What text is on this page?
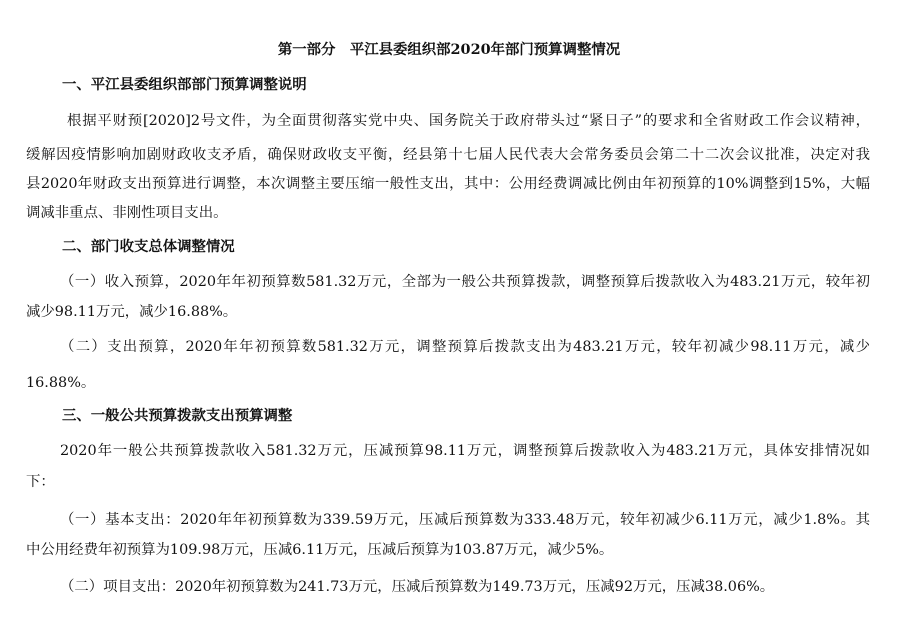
第一部分　平江县委组织部2020年部门预算调整情况
一、平江县委组织部部门预算调整说明
根据平财预[2020]2号文件，为全面贯彻落实党中央、国务院关于政府带头过“紧日子”的要求和全省财政工作会议精神，
缓解因疫情影响加剧财政收支矛盾，确保财政收支平衡，经县第十七届人民代表大会常务委员会第二十二次会议批准，决定对我
县2020年财政支出预算进行调整，本次调整主要压缩一般性支出，其中：公用经费调减比例由年初预算的10%调整到15%，大幅
调减非重点、非刚性项目支出。
二、部门收支总体调整情况
（一）收入预算，2020年年初预算数581.32万元，全部为一般公共预算拨款，调整预算后拨款收入为483.21万元，较年初
减少98.11万元，减少16.88%。
（二）支出预算，2020年年初预算数581.32万元，调整预算后拨款支出为483.21万元，较年初减少98.11万元，减少
16.88%。
三、一般公共预算拨款支出预算调整
2020年一般公共预算拨款收入581.32万元，压减预算98.11万元，调整预算后拨款收入为483.21万元，具体安排情况如
下：
（一）基本支出：2020年年初预算数为339.59万元，压减后预算数为333.48万元，较年初减少6.11万元，减少1.8%。其
中公用经费年初预算为109.98万元，压减6.11万元，压减后预算为103.87万元，减少5%。
（二）项目支出：2020年初预算数为241.73万元，压减后预算数为149.73万元，压减92万元，压减38.06%。
